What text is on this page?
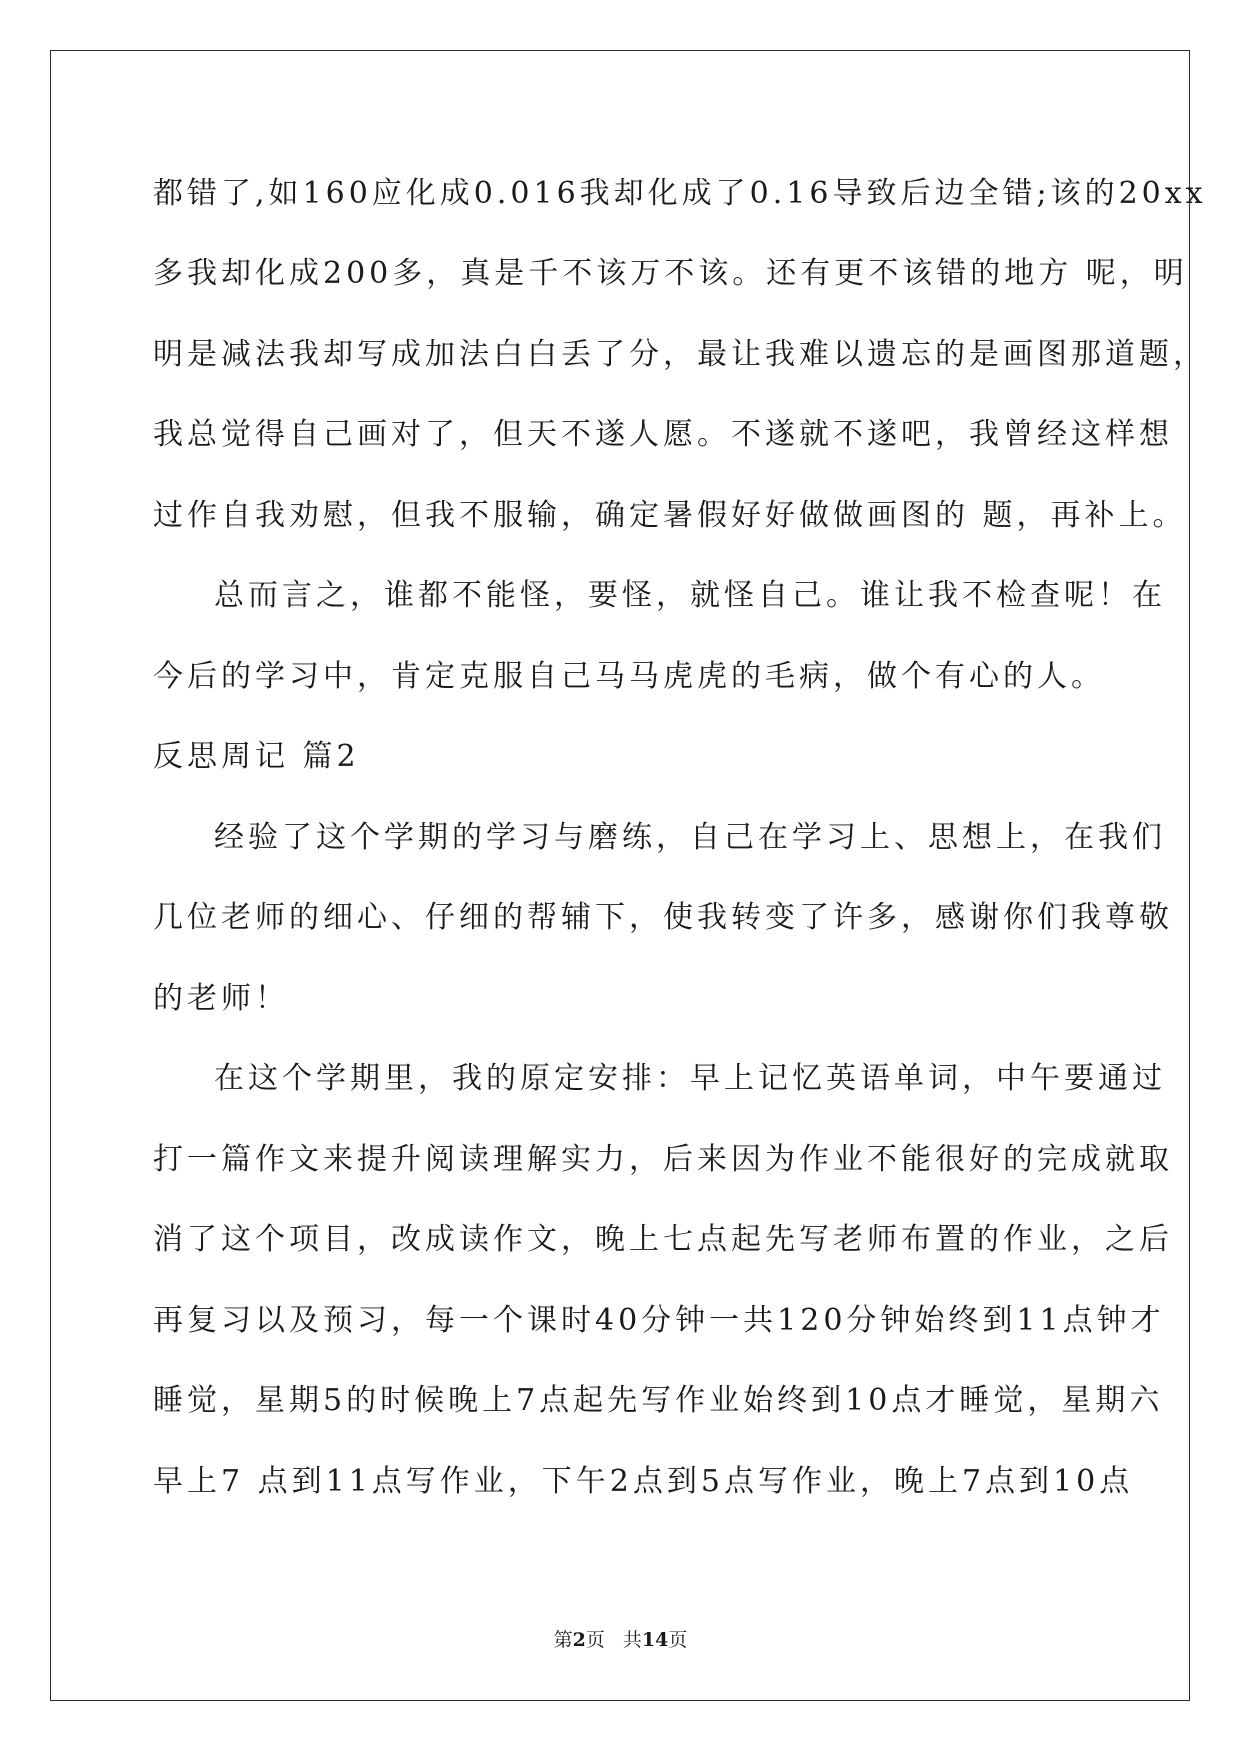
都错了,如160应化成0.016我却化成了0.16导致后边全错;该的20xx
多我却化成200多，真是千不该万不该。还有更不该错的地方 呢，明
明是减法我却写成加法白白丢了分，最让我难以遗忘的是画图那道题，
我总觉得自己画对了，但天不遂人愿。不遂就不遂吧，我曾经这样想
过作自我劝慰，但我不服输，确定暑假好好做做画图的 题，再补上。
总而言之，谁都不能怪，要怪，就怪自己。谁让我不检查呢！在
今后的学习中，肯定克服自己马马虎虎的毛病，做个有心的人。
反思周记 篇2
经验了这个学期的学习与磨练，自己在学习上、思想上，在我们
几位老师的细心、仔细的帮辅下，使我转变了许多，感谢你们我尊敬
的老师！
在这个学期里，我的原定安排：早上记忆英语单词，中午要通过
打一篇作文来提升阅读理解实力，后来因为作业不能很好的完成就取
消了这个项目，改成读作文，晚上七点起先写老师布置的作业，之后
再复习以及预习，每一个课时40分钟一共120分钟始终到11点钟才
睡觉，星期5的时候晚上7点起先写作业始终到10点才睡觉，星期六
早上7 点到11点写作业，下午2点到5点写作业，晚上7点到10点
第2页 共14页
